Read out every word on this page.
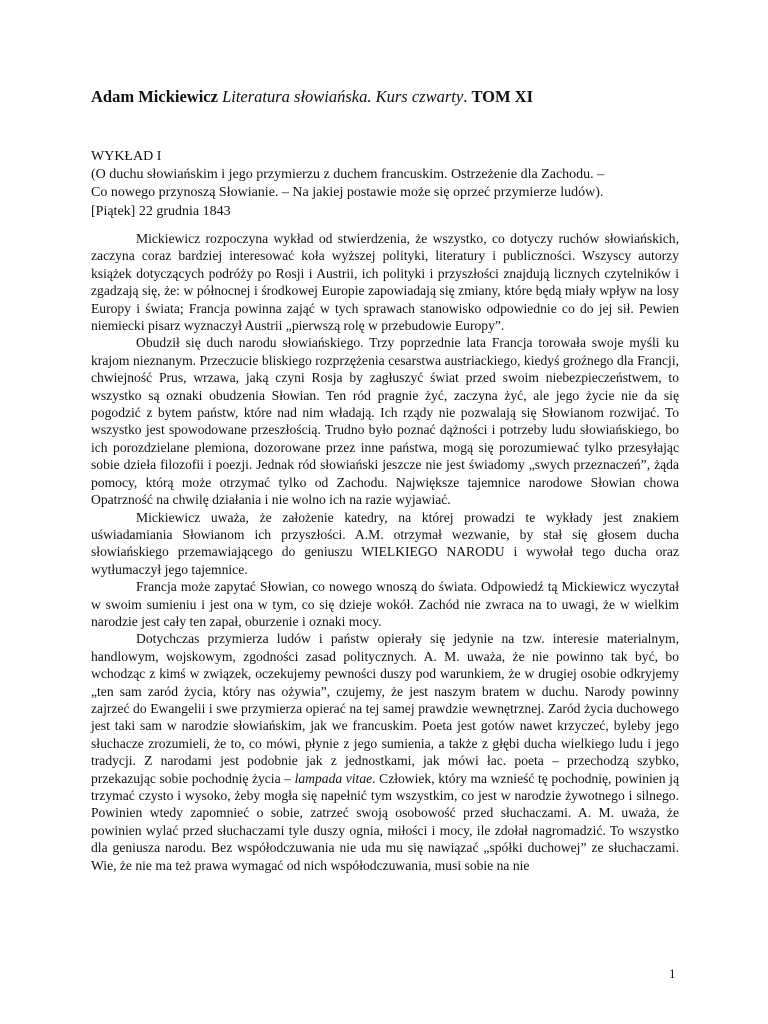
Adam Mickiewicz Literatura słowiańska. Kurs czwarty. TOM XI
WYKŁAD I
(O duchu słowiańskim i jego przymierzu z duchem francuskim. Ostrzeżenie dla Zachodu. –
Co nowego przynoszą Słowianie. – Na jakiej postawie może się oprzeć przymierze ludów).
[Piątek] 22 grudnia 1843

Mickiewicz rozpoczyna wykład od stwierdzenia, że wszystko, co dotyczy ruchów słowiańskich, zaczyna coraz bardziej interesować koła wyższej polityki, literatury i publiczności. Wszyscy autorzy książek dotyczących podróży po Rosji i Austrii, ich polityki i przyszłości znajdują licznych czytelników i zgadzają się, że: w północnej i środkowej Europie zapowiadają się zmiany, które będą miały wpływ na losy Europy i świata; Francja powinna zająć w tych sprawach stanowisko odpowiednie co do jej sił. Pewien niemiecki pisarz wyznaczył Austrii „pierwszą rolę w przebudowie Europy”.

Obudził się duch narodu słowiańskiego. Trzy poprzednie lata Francja torowała swoje myśli ku krajom nieznanym. Przeczucie bliskiego rozprzężenia cesarstwa austriackiego, kiedyś groźnego dla Francji, chwiejność Prus, wrzawa, jaką czyni Rosja by zagłuszyć świat przed swoim niebezpieczeństwem, to wszystko są oznaki obudzenia Słowian. Ten ród pragnie żyć, zaczyna żyć, ale jego życie nie da się pogodzić z bytem państw, które nad nim władają. Ich rządy nie pozwalają się Słowianom rozwijać. To wszystko jest spowodowane przeszłością. Trudno było poznać dążności i potrzeby ludu słowiańskiego, bo ich porozdzielane plemiona, dozorowane przez inne państwa, mogą się porozumiewać tylko przesyłając sobie dzieła filozofii i poezji. Jednak ród słowiański jeszcze nie jest świadomy „swych przeznaczeń”, żąda pomocy, którą może otrzymać tylko od Zachodu. Największe tajemnice narodowe Słowian chowa Opatrzność na chwilę działania i nie wolno ich na razie wyjawiać.

Mickiewicz uważa, że założenie katedry, na której prowadzi te wykłady jest znakiem uświadamiania Słowianom ich przyszłości. A.M. otrzymał wezwanie, by stał się głosem ducha słowiańskiego przemawiającego do geniuszu WIELKIEGO NARODU i wywołał tego ducha oraz wytłumaczył jego tajemnice.

Francja może zapytać Słowian, co nowego wnoszą do świata. Odpowiedź tą Mickiewicz wyczytał w swoim sumieniu i jest ona w tym, co się dzieje wokół. Zachód nie zwraca na to uwagi, że w wielkim narodzie jest cały ten zapał, oburzenie i oznaki mocy.

Dotychczas przymierza ludów i państw opierały się jedynie na tzw. interesie materialnym, handlowym, wojskowym, zgodności zasad politycznych. A. M. uważa, że nie powinno tak być, bo wchodząc z kimś w związek, oczekujemy pewności duszy pod warunkiem, że w drugiej osobie odkryjemy „ten sam zaród życia, który nas ożywia”, czujemy, że jest naszym bratem w duchu. Narody powinny zajrzeć do Ewangelii i swe przymierza opierać na tej samej prawdzie wewnętrznej. Zaród życia duchowego jest taki sam w narodzie słowiańskim, jak we francuskim. Poeta jest gotów nawet krzyczeć, byleby jego słuchacze zrozumieli, że to, co mówi, płynie z jego sumienia, a także z głębi ducha wielkiego ludu i jego tradycji. Z narodami jest podobnie jak z jednostkami, jak mówi łac. poeta – przechodzą szybko, przekazując sobie pochodnię życia – lampada vitae. Człowiek, który ma wznieść tę pochodnię, powinien ją trzymać czysto i wysoko, żeby mogła się napełnić tym wszystkim, co jest w narodzie żywotnego i silnego. Powinien wtedy zapomnieć o sobie, zatrzeć swoją osobowość przed słuchaczami. A. M. uważa, że powinien wylać przed słuchaczami tyle duszy ognia, miłości i mocy, ile zdołał nagromadzić. To wszystko dla geniusza narodu. Bez współodczuwania nie uda mu się nawiązać „spółki duchowej” ze słuchaczami. Wie, że nie ma też prawa wymagać od nich współodczuwania, musi sobie na nie

1
